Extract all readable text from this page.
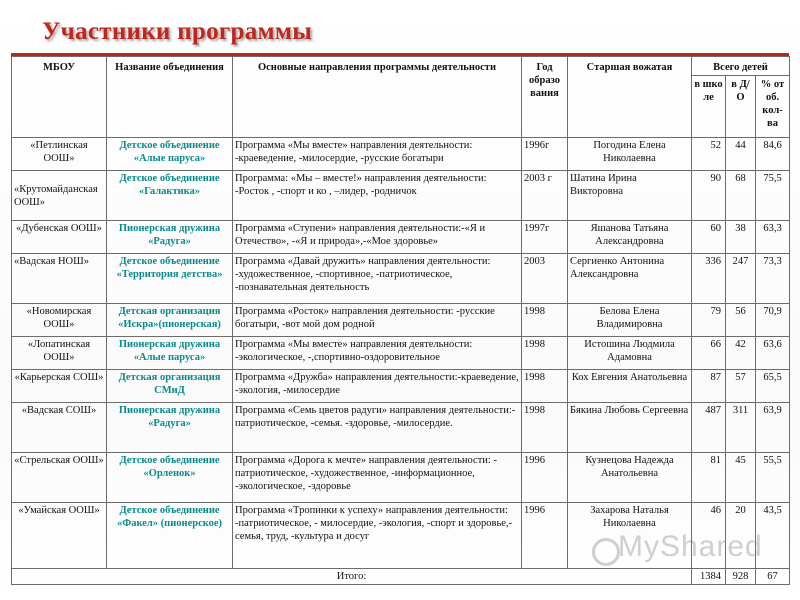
Участники программы
МБОУ	Название объединения	Основные направления программы деятельности	Год образо вания	Старшая вожатая	Всего детей		
					в шко ле	в Д/О	% от об. кол-ва
«Петлинская ООШ»	Детское объединение «Алые паруса»	Программа «Мы вместе» направления деятельности: -краеведение, -милосердие, -русские богатыри	1996г	Погодина Елена Николаевна	52	44	84,6
«Крутомайданская ООШ»	Детское объединение «Галактика»	Программа: «Мы – вместе!» направления деятельности: -Росток , -спорт и ко , –лидер, -родничок	2003 г	Шатина Ирина Викторовна	90	68	75,5
«Дубенская ООШ»	Пионерская дружина «Радуга»	Программа «Ступени» направления деятельности:-«Я и Отечество», -«Я и природа»,-«Мое здоровье»	1997г	Яшанова Татьяна Александровна	60	38	63,3
«Вадская НОШ»	Детское объединение «Территория детства»	Программа «Давай дружить» направления деятельности: -художественное, -спортивное, -патриотическое, -познавательная деятельность	2003	Сергиенко Антонина Александровна	336	247	73,3
«Новомирская ООШ»	Детская организация «Искра»(пионерская)	Программа «Росток» направления деятельности: -русские богатыри, -вот мой дом родной	1998	Белова Елена Владимировна	79	56	70,9
«Лопатинская ООШ»	Пионерская дружина «Алые паруса»	Программа «Мы вместе» направления деятельности: -экологическое, -,спортивно-оздоровительное	1998	Истошина Людмила Адамовна	66	42	63,6
«Карьерская СОШ»	Детская организация СМиД	Программа «Дружба» направления деятельности:-краеведение, -экология, -милосердие	1998	Кох Евгения Анатольевна	87	57	65,5
«Вадская СОШ»	Пионерская дружина «Радуга»	Программа «Семь цветов радуги» направления деятельности:-патриотическое, -семья. -здоровье, -милосердие.	1998	Бякина Любовь Сергеевна	487	311	63,9
«Стрельская ООШ»	Детское объединение «Орленок»	Программа «Дорога к мечте» направления деятельности: - патриотическое, -художественное, -информационное, -экологическое, -здоровье	1996	Кузнецова Надежда Анатольевна	81	45	55,5
«Умайская ООШ»	Детское объединение «Факел» (пионерское)	Программа «Тропинки к успеху» направления деятельности: -патриотическое, - милосердие, -экология, -спорт и здоровье,-семья, труд, -культура и досуг	1996	Захарова Наталья Николаевна	46	20	43,5
Итого:					1384	928	67
MyShared
